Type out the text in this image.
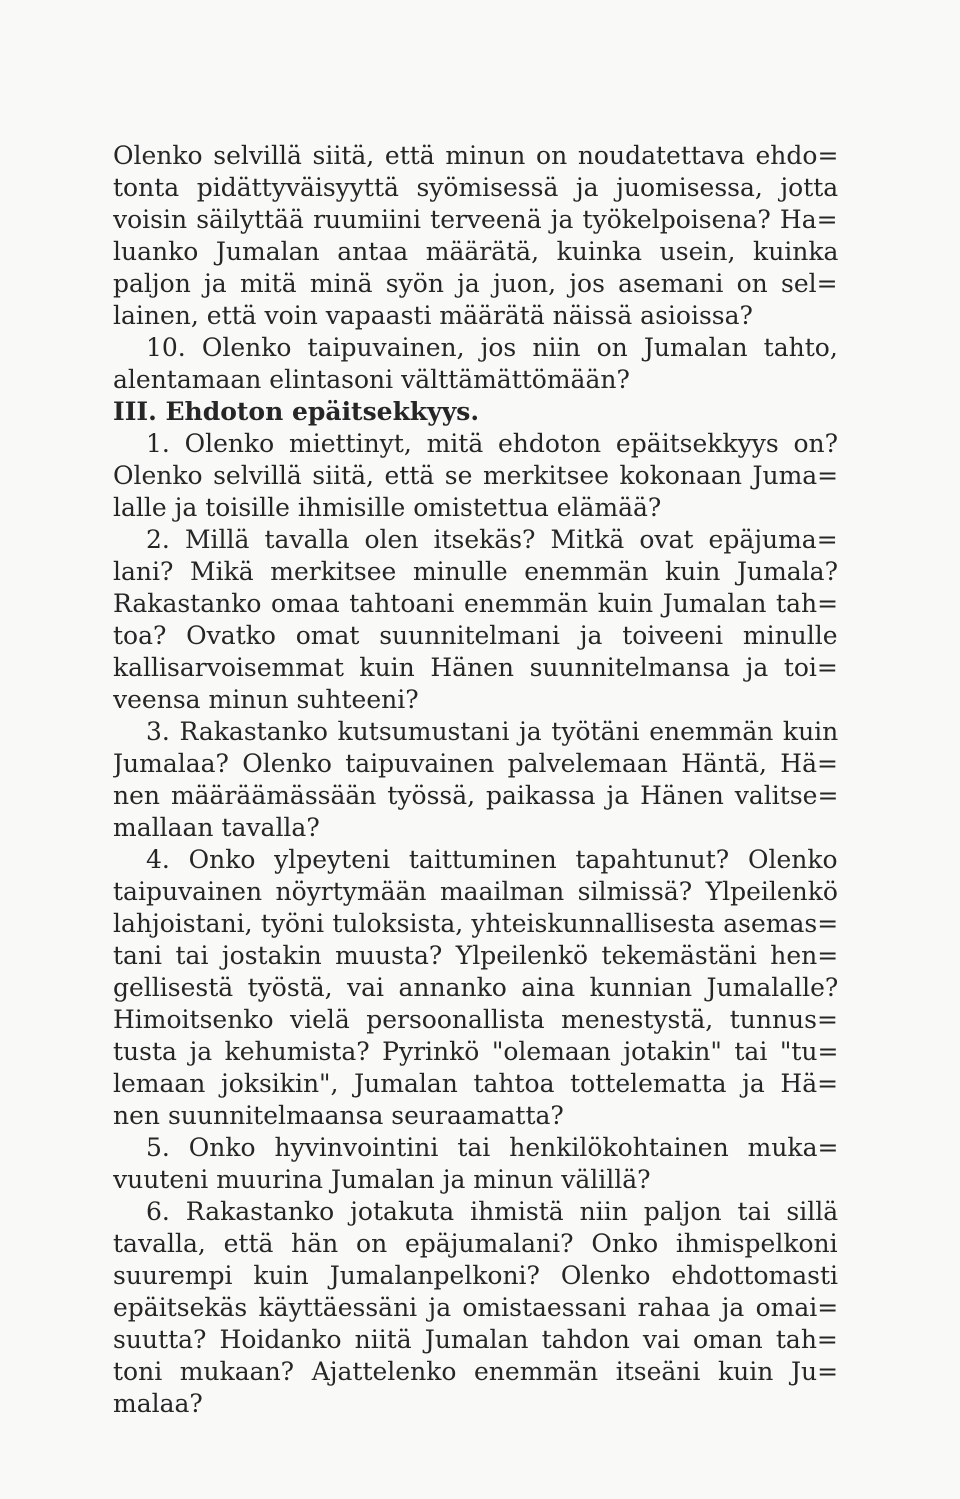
Olenko selvillä siitä, että minun on noudatettava ehdo=
tonta pidättyväisyyttä syömisessä ja juomisessa, jotta
voisin säilyttää ruumiini terveenä ja työkelpoisena? Ha=
luanko Jumalan antaa määrätä, kuinka usein, kuinka
paljon ja mitä minä syön ja juon, jos asemani on sel=
lainen, että voin vapaasti määrätä näissä asioissa?
10. Olenko taipuvainen, jos niin on Jumalan tahto,
alentamaan elintasoni välttämättömään?
III. Ehdoton epäitsekkyys.
1. Olenko miettinyt, mitä ehdoton epäitsekkyys on?
Olenko selvillä siitä, että se merkitsee kokonaan Juma=
lalle ja toisille ihmisille omistettua elämää?
2. Millä tavalla olen itsekäs? Mitkä ovat epäjuma=
lani? Mikä merkitsee minulle enemmän kuin Jumala?
Rakastanko omaa tahtoani enemmän kuin Jumalan tah=
toa? Ovatko omat suunnitelmani ja toiveeni minulle
kallisarvoisemmat kuin Hänen suunnitelmansa ja toi=
veensa minun suhteeni?
3. Rakastanko kutsumustani ja työtäni enemmän kuin
Jumalaa? Olenko taipuvainen palvelemaan Häntä, Hä=
nen määräämässään työssä, paikassa ja Hänen valitse=
mallaan tavalla?
4. Onko ylpeyteni taittuminen tapahtunut? Olenko
taipuvainen nöyrtymään maailman silmissä? Ylpeilenkö
lahjoistani, työni tuloksista, yhteiskunnallisesta asemas=
tani tai jostakin muusta? Ylpeilenkö tekemästäni hen=
gellisestä työstä, vai annanko aina kunnian Jumalalle?
Himoitsenko vielä persoonallista menestystä, tunnus=
tusta ja kehumista? Pyrinkö "olemaan jotakin" tai "tu=
lemaan joksikin", Jumalan tahtoa tottelematta ja Hä=
nen suunnitelmaansa seuraamatta?
5. Onko hyvinvointini tai henkilökohtainen muka=
vuuteni muurina Jumalan ja minun välillä?
6. Rakastanko jotakuta ihmistä niin paljon tai sillä
tavalla, että hän on epäjumalani? Onko ihmispelkoni
suurempi kuin Jumalanpelkoni? Olenko ehdottomasti
epäitsekäs käyttäessäni ja omistaessani rahaa ja omai=
suutta? Hoidanko niitä Jumalan tahdon vai oman tah=
toni mukaan? Ajattelenko enemmän itseäni kuin Ju=
malaa?
